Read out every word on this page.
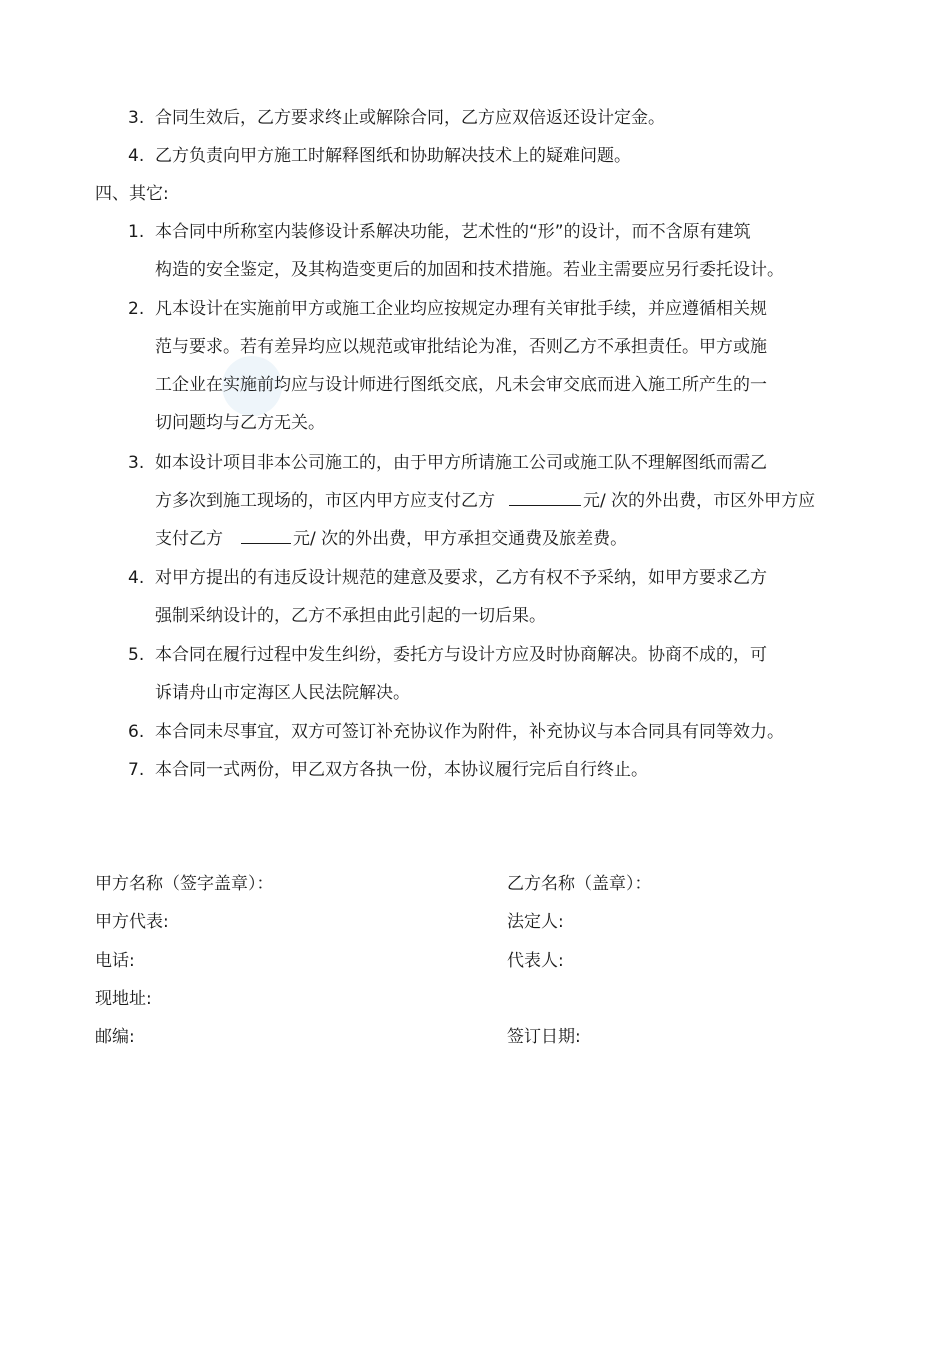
3. 合同生效后，乙方要求终止或解除合同，乙方应双倍返还设计定金。
4. 乙方负责向甲方施工时解释图纸和协助解决技术上的疑难问题。
四、其它:
1. 本合同中所称室内装修设计系解决功能，艺术性的“形”的设计，而不含原有建筑
构造的安全鉴定，及其构造变更后的加固和技术措施。若业主需要应另行委托设计。
2. 凡本设计在实施前甲方或施工企业均应按规定办理有关审批手续，并应遵循相关规
范与要求。若有差异均应以规范或审批结论为准，否则乙方不承担责任。甲方或施
工企业在实施前均应与设计师进行图纸交底，凡未会审交底而进入施工所产生的一
切问题均与乙方无关。
3. 如本设计项目非本公司施工的，由于甲方所请施工公司或施工队不理解图纸而需乙
方多次到施工现场的，市区内甲方应支付乙方	元/ 次的外出费，市区外甲方应
支付乙方	元/ 次的外出费，甲方承担交通费及旅差费。
4. 对甲方提出的有违反设计规范的建意及要求，乙方有权不予采纳，如甲方要求乙方
强制采纳设计的，乙方不承担由此引起的一切后果。
5. 本合同在履行过程中发生纠纷，委托方与设计方应及时协商解决。协商不成的，可
诉请舟山市定海区人民法院解决。
6. 本合同未尽事宜，双方可签订补充协议作为附件，补充协议与本合同具有同等效力。
7. 本合同一式两份，甲乙双方各执一份，本协议履行完后自行终止。
甲方名称（签字盖章）：
甲方代表:
电话:
现地址:
邮编:
乙方名称（盖章）：
法定人:
代表人:
签订日期:
